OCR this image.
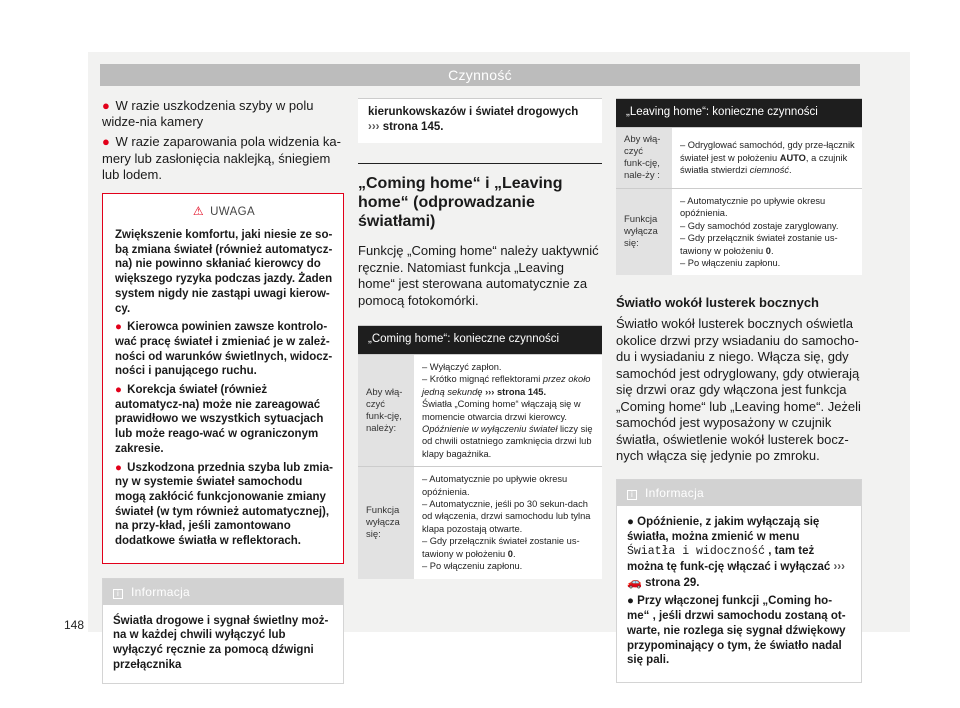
Czynność

● W razie uszkodzenia szyby w polu widze-nia kamery

● W razie zaparowania pola widzenia ka-mery lub zasłonięcia naklejką, śniegiem lub lodem.

⚠ UWAGA

Zwiększenie komfortu, jaki niesie ze so-bą zmiana świateł (również automatycz-na) nie powinno skłaniać kierowcy do większego ryzyka podczas jazdy. Żaden system nigdy nie zastąpi uwagi kierow-cy.

● Kierowca powinien zawsze kontrolo-wać pracę świateł i zmieniać je w zależ-ności od warunków świetlnych, widocz-ności i panującego ruchu.

● Korekcja świateł (również automatycz-na) może nie zareagować prawidłowo we wszystkich sytuacjach lub może reago-wać w ograniczonym zakresie.

● Uszkodzona przednia szyba lub zmia-ny w systemie świateł samochodu mogą zakłócić funkcjonowanie zmiany świateł (w tym również automatycznej), na przy-kład, jeśli zamontowano dodatkowe światła w reflektorach.

i Informacja
Światła drogowe i sygnał świetlny moż-na w każdej chwili wyłączyć lub wyłączyć ręcznie za pomocą dźwigni przełącznika
kierunkowskazów i świateł drogowych
››› strona 145.
„Coming home“ i „Leaving home“ (odprowadzanie światłami)

Funkcję „Coming home“ należy uaktywnić ręcznie. Natomiast funkcja „Leaving home“ jest sterowana automatycznie za pomocą fotokomórki.

„Coming home“: konieczne czynności	
Aby włą-czyć funk-cję, należy:	– Wyłączyć zapłon.
– Krótko mignąć reflektorami przez około jedną sekundę ››› strona 145.
Światła „Coming home“ włączają się w momencie otwarcia drzwi kierowcy.
Opóźnienie w wyłączeniu świateł liczy się od chwili ostatniego zamknięcia drzwi lub klapy bagażnika.
Funkcja wyłącza się:	– Automatycznie po upływie okresu opóźnienia.
– Automatycznie, jeśli po 30 sekun-dach od włączenia, drzwi samochodu lub tylna klapa pozostają otwarte.
– Gdy przełącznik świateł zostanie us-tawiony w położeniu 0.
– Po włączeniu zapłonu.
„Leaving home“: konieczne czynności	
Aby włą-czyć funk-cję, nale-ży :	– Odryglować samochód, gdy prze-łącznik świateł jest w położeniu AUTO, a czujnik światła stwierdzi ciemność.
Funkcja wyłącza się:	– Automatycznie po upływie okresu opóźnienia.
– Gdy samochód zostaje zaryglowany.
– Gdy przełącznik świateł zostanie us-tawiony w położeniu 0.
– Po włączeniu zapłonu.
Światło wokół lusterek bocznych

Światło wokół lusterek bocznych oświetla okolice drzwi przy wsiadaniu do samocho-du i wysiadaniu z niego. Włącza się, gdy samochód jest odryglowany, gdy otwierają się drzwi oraz gdy włączona jest funkcja „Coming home“ lub „Leaving home“. Jeżeli samochód jest wyposażony w czujnik światła, oświetlenie wokół lusterek bocz-nych włącza się jedynie po zmroku.

i Informacja

● Opóźnienie, z jakim wyłączają się światła, można zmienić w menu Światła i widoczność , tam też można tę funk-cję włączać i wyłączać ››› 🚗 strona 29.

● Przy włączonej funkcji „Coming ho-me“ , jeśli drzwi samochodu zostaną ot-warte, nie rozlega się sygnał dźwiękowy przypominający o tym, że światło nadal się pali.

148
